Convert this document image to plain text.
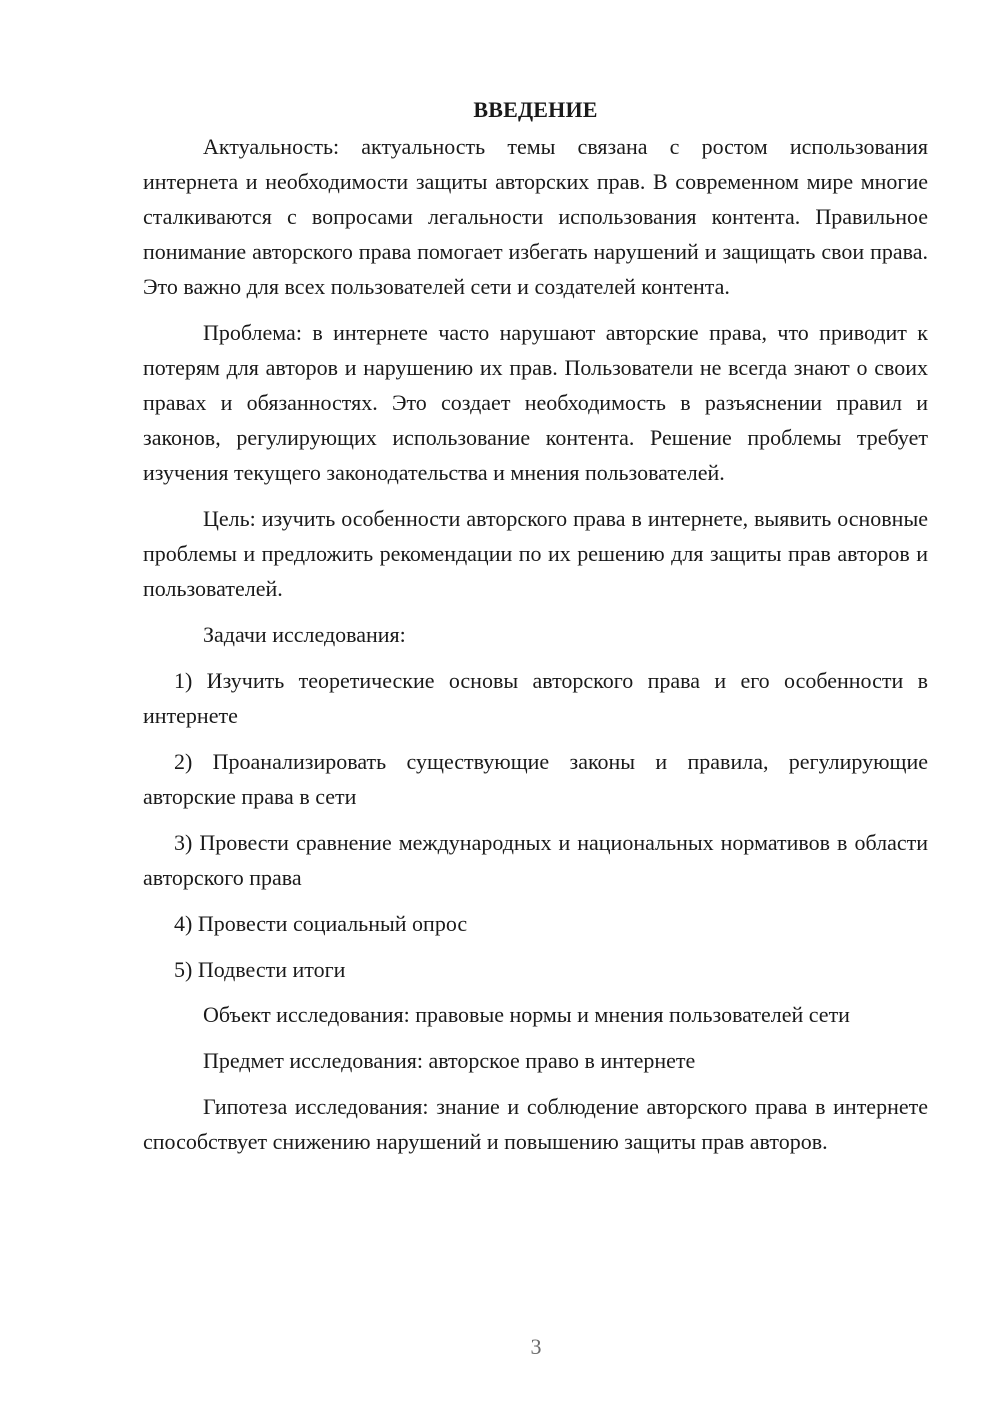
ВВЕДЕНИЕ

Актуальность: актуальность темы связана с ростом использования интернета и необходимости защиты авторских прав. В современном мире многие сталкиваются с вопросами легальности использования контента. Правильное понимание авторского права помогает избегать нарушений и защищать свои права. Это важно для всех пользователей сети и создателей контента.

Проблема: в интернете часто нарушают авторские права, что приводит к потерям для авторов и нарушению их прав. Пользователи не всегда знают о своих правах и обязанностях. Это создает необходимость в разъяснении правил и законов, регулирующих использование контента. Решение проблемы требует изучения текущего законодательства и мнения пользователей.

Цель: изучить особенности авторского права в интернете, выявить основные проблемы и предложить рекомендации по их решению для защиты прав авторов и пользователей.

Задачи исследования:

1) Изучить теоретические основы авторского права и его особенности в интернете

2) Проанализировать существующие законы и правила, регулирующие авторские права в сети

3) Провести сравнение международных и национальных нормативов в области авторского права

4) Провести социальный опрос

5) Подвести итоги

Объект исследования: правовые нормы и мнения пользователей сети

Предмет исследования: авторское право в интернете

Гипотеза исследования: знание и соблюдение авторского права в интернете способствует снижению нарушений и повышению защиты прав авторов.

3
